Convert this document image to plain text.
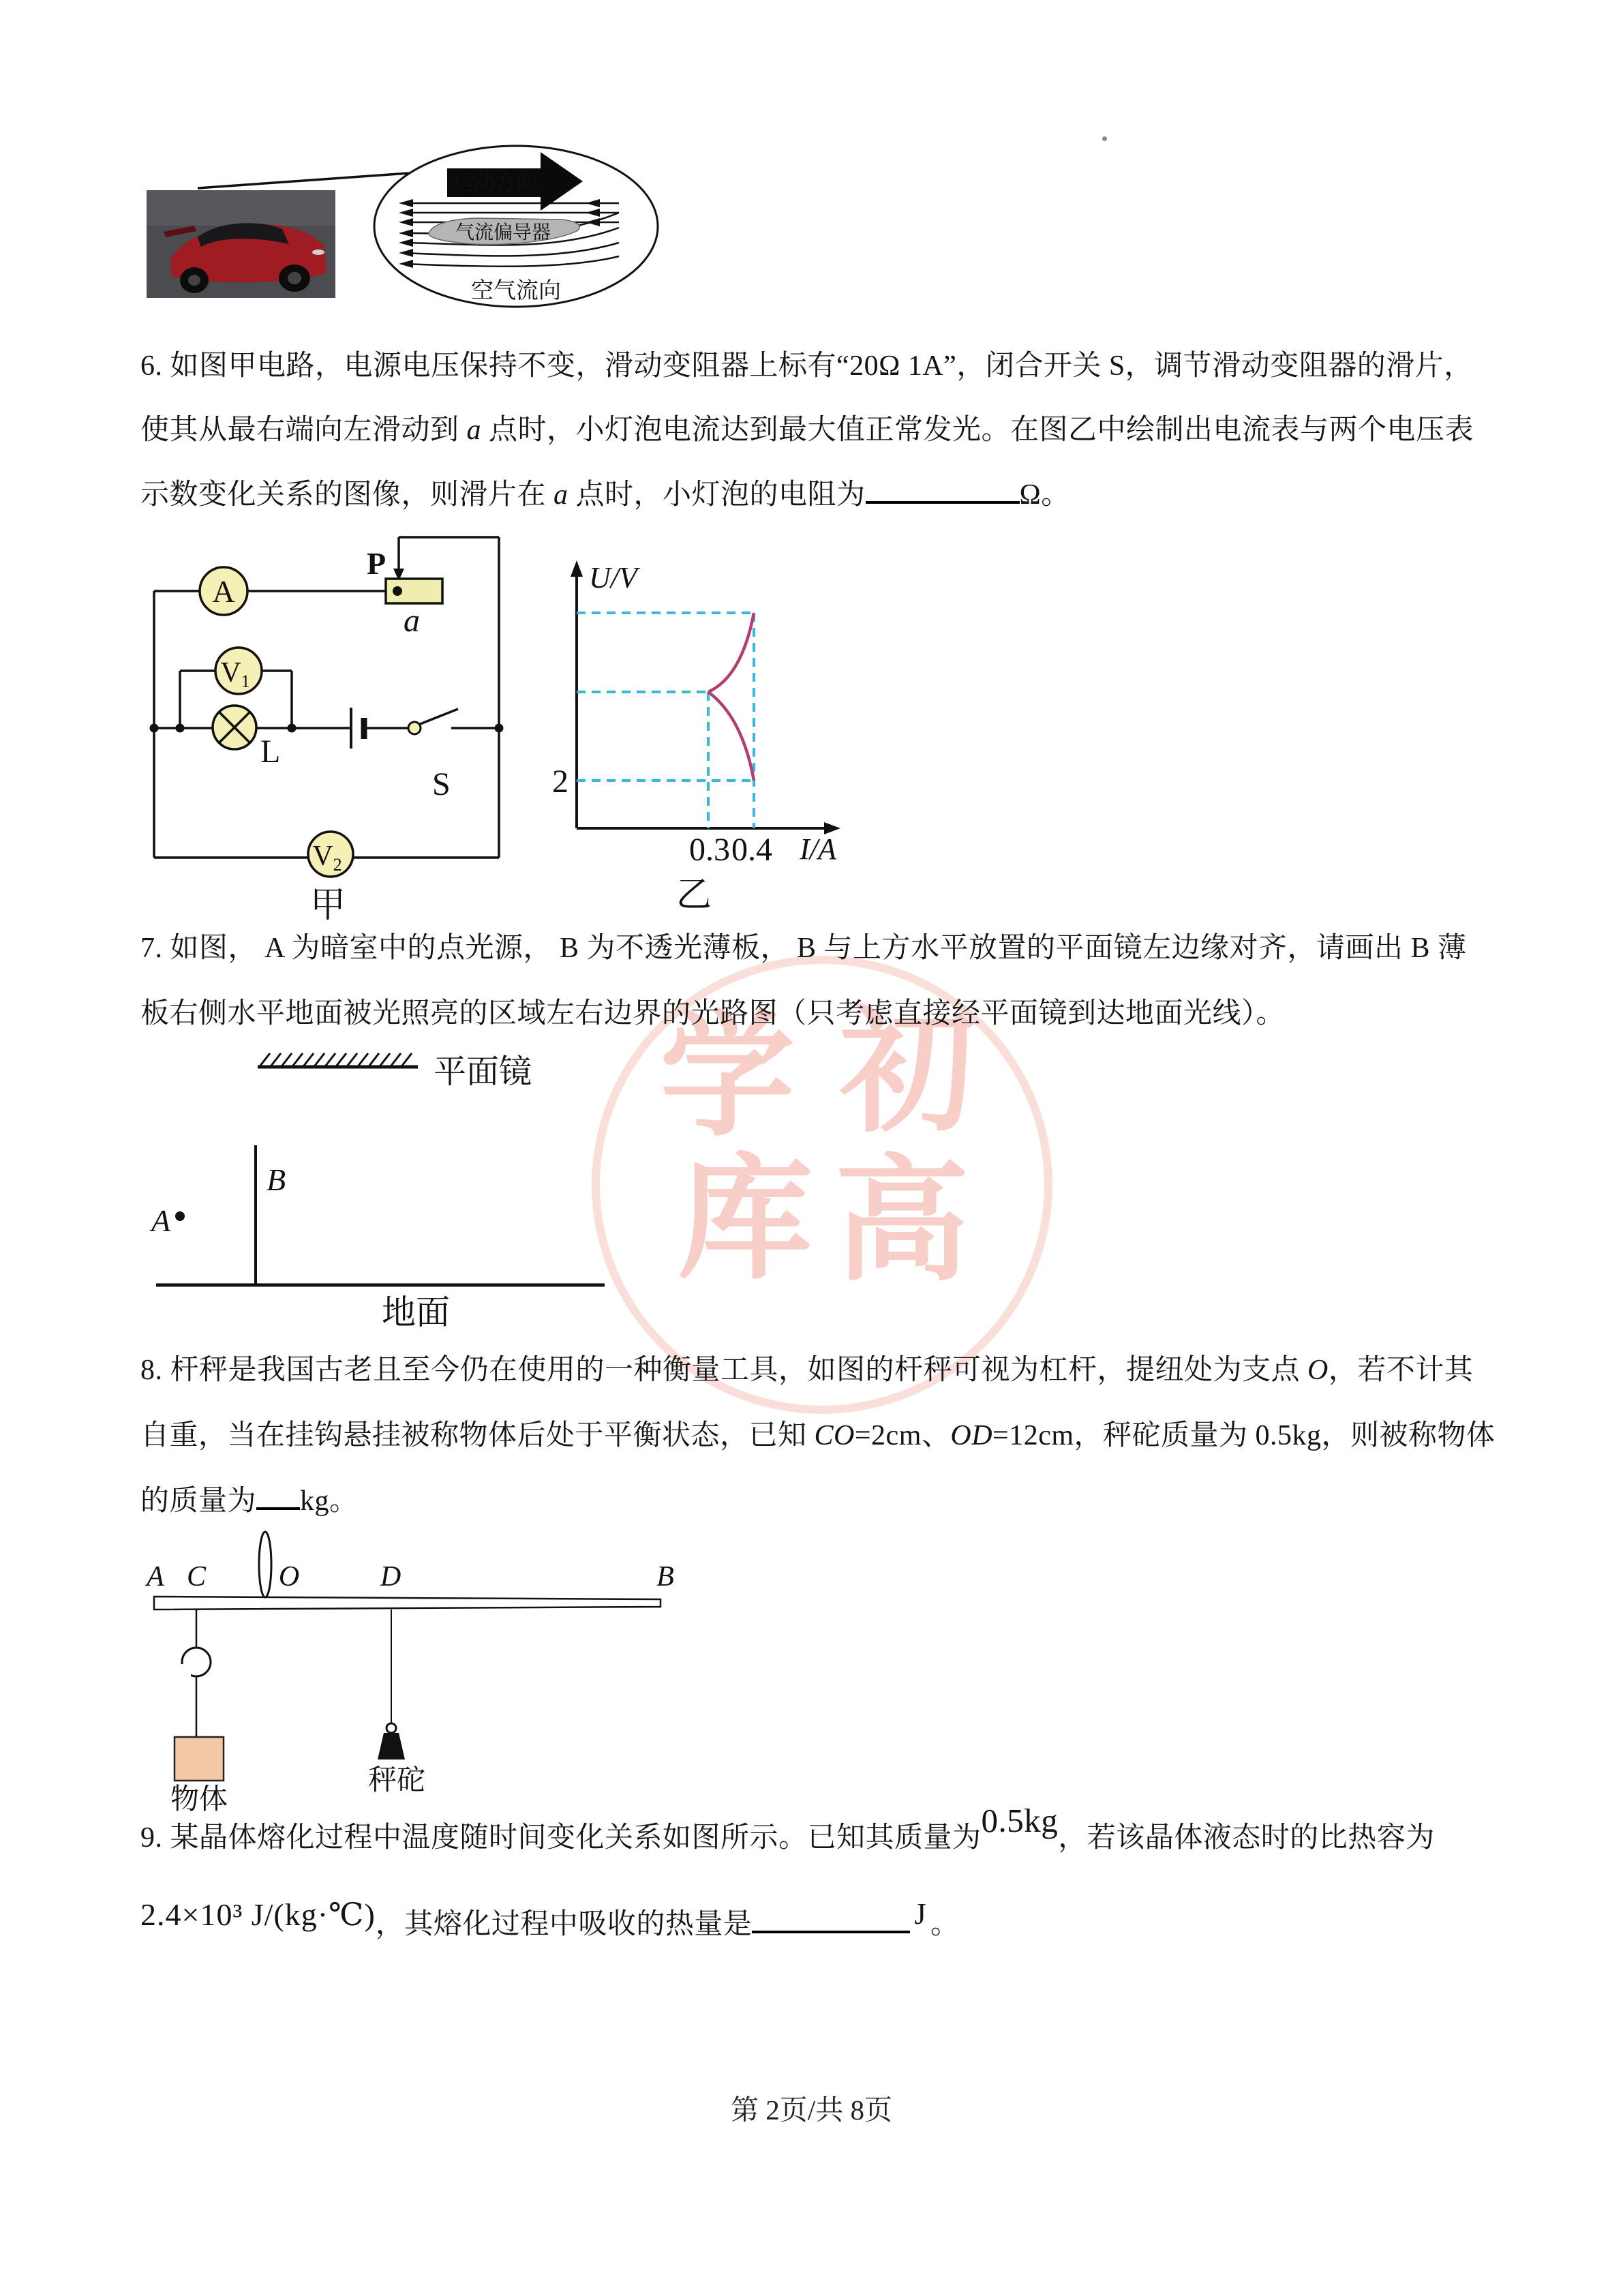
学 初
库 高
气流偏导器
运动方向
空气流向
6. 如图甲电路，电源电压保持不变，滑动变阻器上标有“20Ω 1A”，闭合开关 S，调节滑动变阻器的滑片，
使其从最右端向左滑动到 a 点时，小灯泡电流达到最大值正常发光。在图乙中绘制出电流表与两个电压表
示数变化关系的图像，则滑片在 a 点时，小灯泡的电阻为	Ω。
A
V1
L
S
V2
P
a
甲
U/V
2
0.3 0.4 I/A
乙
7. 如图， A 为暗室中的点光源， B 为不透光薄板， B 与上方水平放置的平面镜左边缘对齐，请画出 B 薄
板右侧水平地面被光照亮的区域左右边界的光路图（只考虑直接经平面镜到达地面光线）。
平面镜
B
A
地面
8. 杆秤是我国古老且至今仍在使用的一种衡量工具，如图的杆秤可视为杠杆，提纽处为支点 O，若不计其
自重，当在挂钩悬挂被称物体后处于平衡状态，已知 CO=2cm、OD=12cm，秤砣质量为 0.5kg，则被称物体
的质量为 kg。
A C	O	D	B
物体
秤砣
9. 某晶体熔化过程中温度随时间变化关系如图所示。已知其质量为0.5kg，若该晶体液态时的比热容为
2.4×10³ J/(kg·℃)，其熔化过程中吸收的热量是	J 。
第 2页/共 8页
